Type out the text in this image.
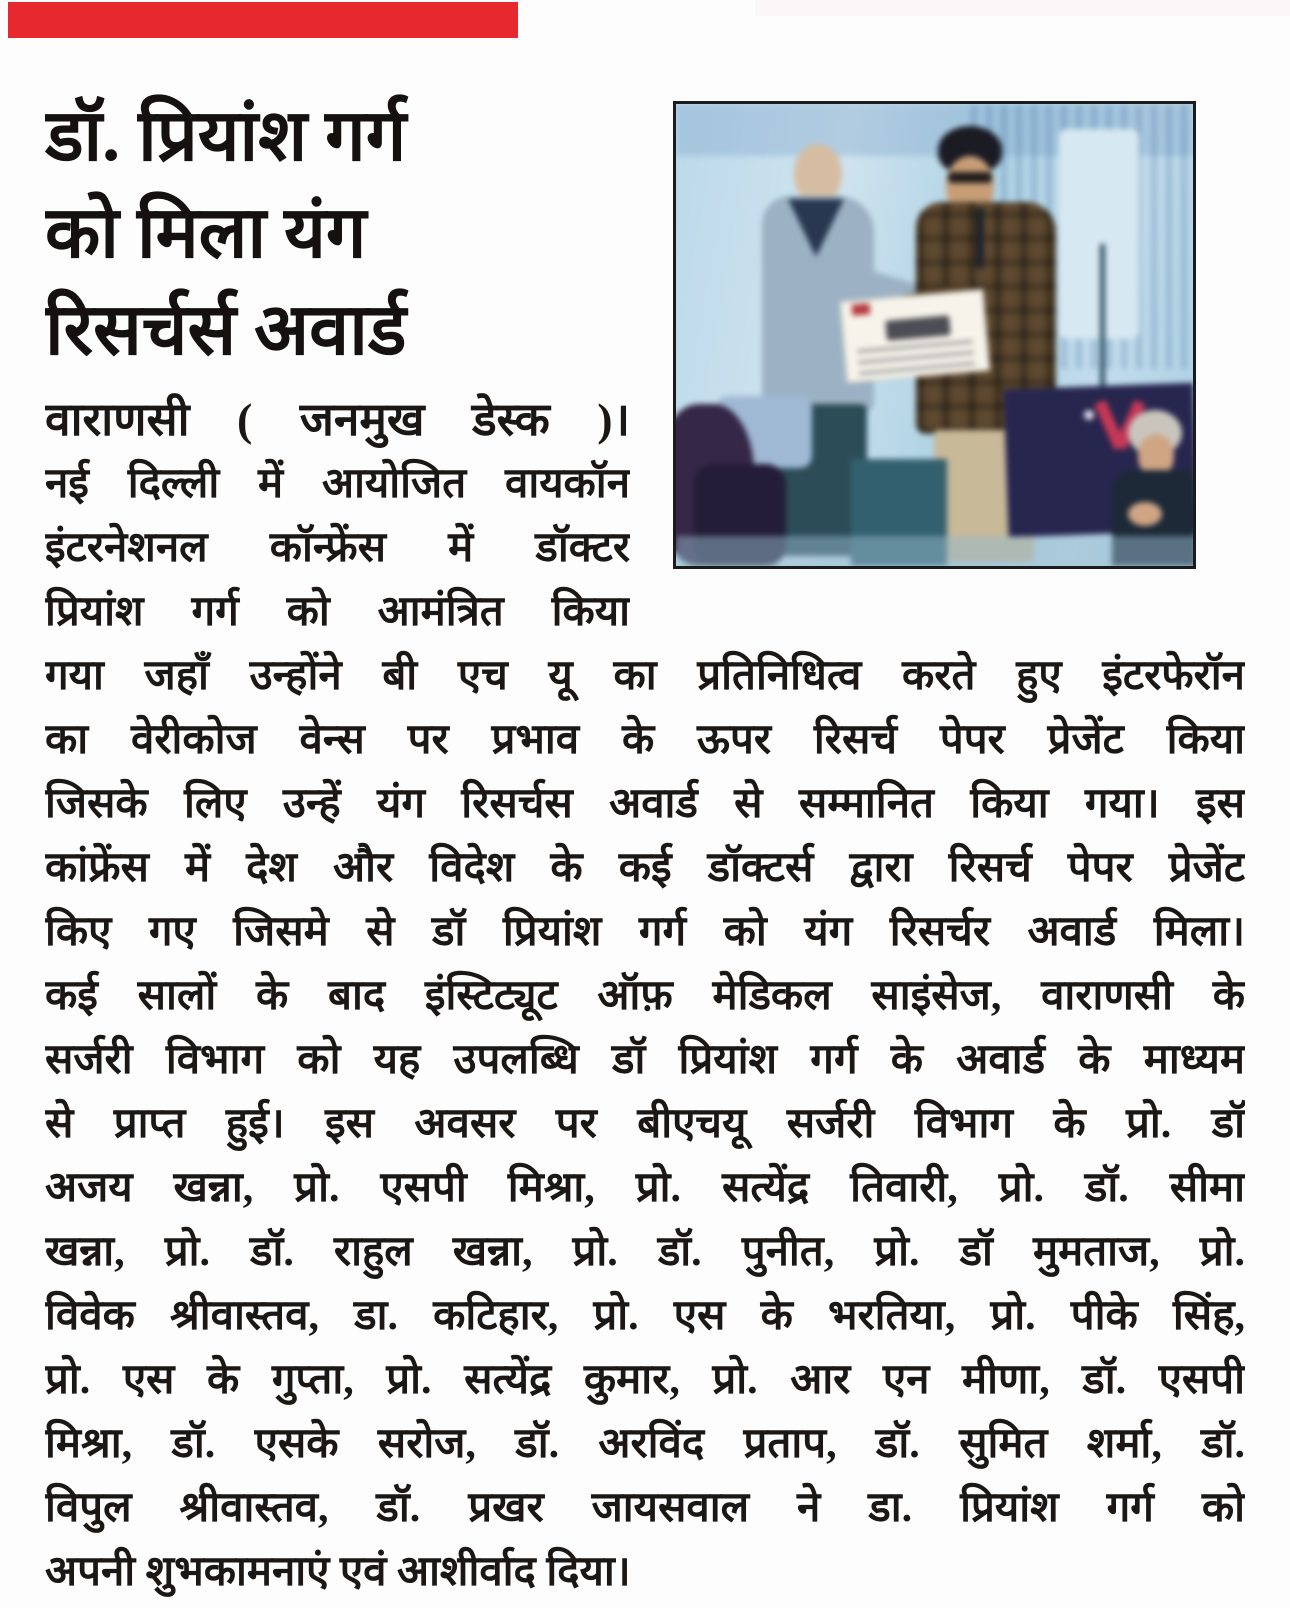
डॉ. प्रियांश गर्ग
को मिला यंग
रिसर्चर्स अवार्ड
वाराणसी ( जनमुख डेस्क )।
नई दिल्ली में आयोजित वायकॉन
इंटरनेशनल कॉन्फ्रेंस में डॉक्टर
प्रियांश गर्ग को आमंत्रित किया
गया जहाँ उन्होंने बी एच यू का प्रतिनिधित्व करते हुए इंटरफेरॉन
का वेरीकोज वेन्स पर प्रभाव के ऊपर रिसर्च पेपर प्रेजेंट किया
जिसके लिए उन्हें यंग रिसर्चस अवार्ड से सम्मानित किया गया। इस
कांफ्रेंस में देश और विदेश के कई डॉक्टर्स द्वारा रिसर्च पेपर प्रेजेंट
किए गए जिसमे से डॉ प्रियांश गर्ग को यंग रिसर्चर अवार्ड मिला।
कई सालों के बाद इंस्टिट्यूट ऑफ़ मेडिकल साइंसेज, वाराणसी के
सर्जरी विभाग को यह उपलब्धि डॉ प्रियांश गर्ग के अवार्ड के माध्यम
से प्राप्त हुई। इस अवसर पर बीएचयू सर्जरी विभाग के प्रो. डॉ
अजय खन्ना, प्रो. एसपी मिश्रा, प्रो. सत्येंद्र तिवारी, प्रो. डॉ. सीमा
खन्ना, प्रो. डॉ. राहुल खन्ना, प्रो. डॉ. पुनीत, प्रो. डॉ मुमताज, प्रो.
विवेक श्रीवास्तव, डा. कटिहार, प्रो. एस के भरतिया, प्रो. पीके सिंह,
प्रो. एस के गुप्ता, प्रो. सत्येंद्र कुमार, प्रो. आर एन मीणा, डॉ. एसपी
मिश्रा, डॉ. एसके सरोज, डॉ. अरविंद प्रताप, डॉ. सुमित शर्मा, डॉ.
विपुल श्रीवास्तव, डॉ. प्रखर जायसवाल ने डा. प्रियांश गर्ग को
अपनी शुभकामनाएं एवं आशीर्वाद दिया।
